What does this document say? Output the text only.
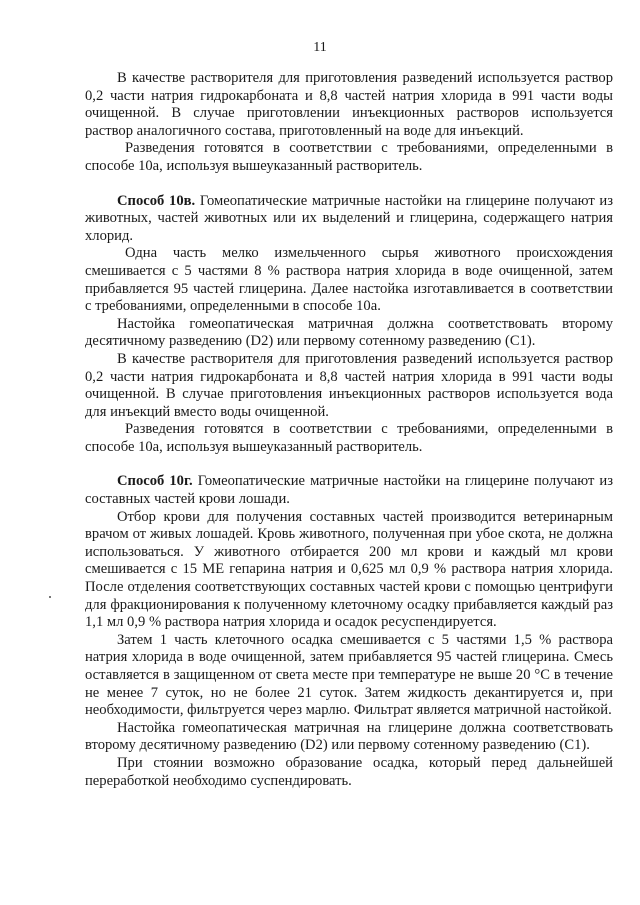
11

В качестве растворителя для приготовления разведений используется раствор 0,2 части натрия гидрокарбоната и 8,8 частей натрия хлорида в 991 части воды очищенной. В случае приготовлении инъекционных растворов используется раствор аналогичного состава, приготовленный на воде для инъекций.

Разведения готовятся в соответствии с требованиями, определенными в способе 10а, используя вышеуказанный растворитель.

Способ 10в. Гомеопатические матричные настойки на глицерине получают из животных, частей животных или их выделений и глицерина, содержащего натрия хлорид.

Одна часть мелко измельченного сырья животного происхождения смешивается с 5 частями 8 % раствора натрия хлорида в воде очищенной, затем прибавляется 95 частей глицерина. Далее настойка изготавливается в соответствии с требованиями, определенными в способе 10а.

Настойка гомеопатическая матричная должна соответствовать второму десятичному разведению (D2) или первому сотенному разведению (С1).

В качестве растворителя для приготовления разведений используется раствор 0,2 части натрия гидрокарбоната и 8,8 частей натрия хлорида в 991 части воды очищенной. В случае приготовления инъекционных растворов используется вода для инъекций вместо воды очищенной.

Разведения готовятся в соответствии с требованиями, определенными в способе 10а, используя вышеуказанный растворитель.

Способ 10г. Гомеопатические матричные настойки на глицерине получают из составных частей крови лошади.

Отбор крови для получения составных частей производится ветеринарным врачом от живых лошадей. Кровь животного, полученная при убое скота, не должна использоваться. У животного отбирается 200 мл крови и каждый мл крови смешивается с 15 МЕ гепарина натрия и 0,625 мл 0,9 % раствора натрия хлорида. После отделения соответствующих составных частей крови с помощью центрифуги для фракционирования к полученному клеточному осадку прибавляется каждый раз 1,1 мл 0,9 % раствора натрия хлорида и осадок ресуспендируется.

Затем 1 часть клеточного осадка смешивается с 5 частями 1,5 % раствора натрия хлорида в воде очищенной, затем прибавляется 95 частей глицерина. Смесь оставляется в защищенном от света месте при температуре не выше 20 °С в течение не менее 7 суток, но не более 21 суток. Затем жидкость декантируется и, при необходимости, фильтруется через марлю. Фильтрат является матричной настойкой.

Настойка гомеопатическая матричная на глицерине должна соответствовать второму десятичному разведению (D2) или первому сотенному разведению (С1).

При стоянии возможно образование осадка, который перед дальнейшей переработкой необходимо суспендировать.
